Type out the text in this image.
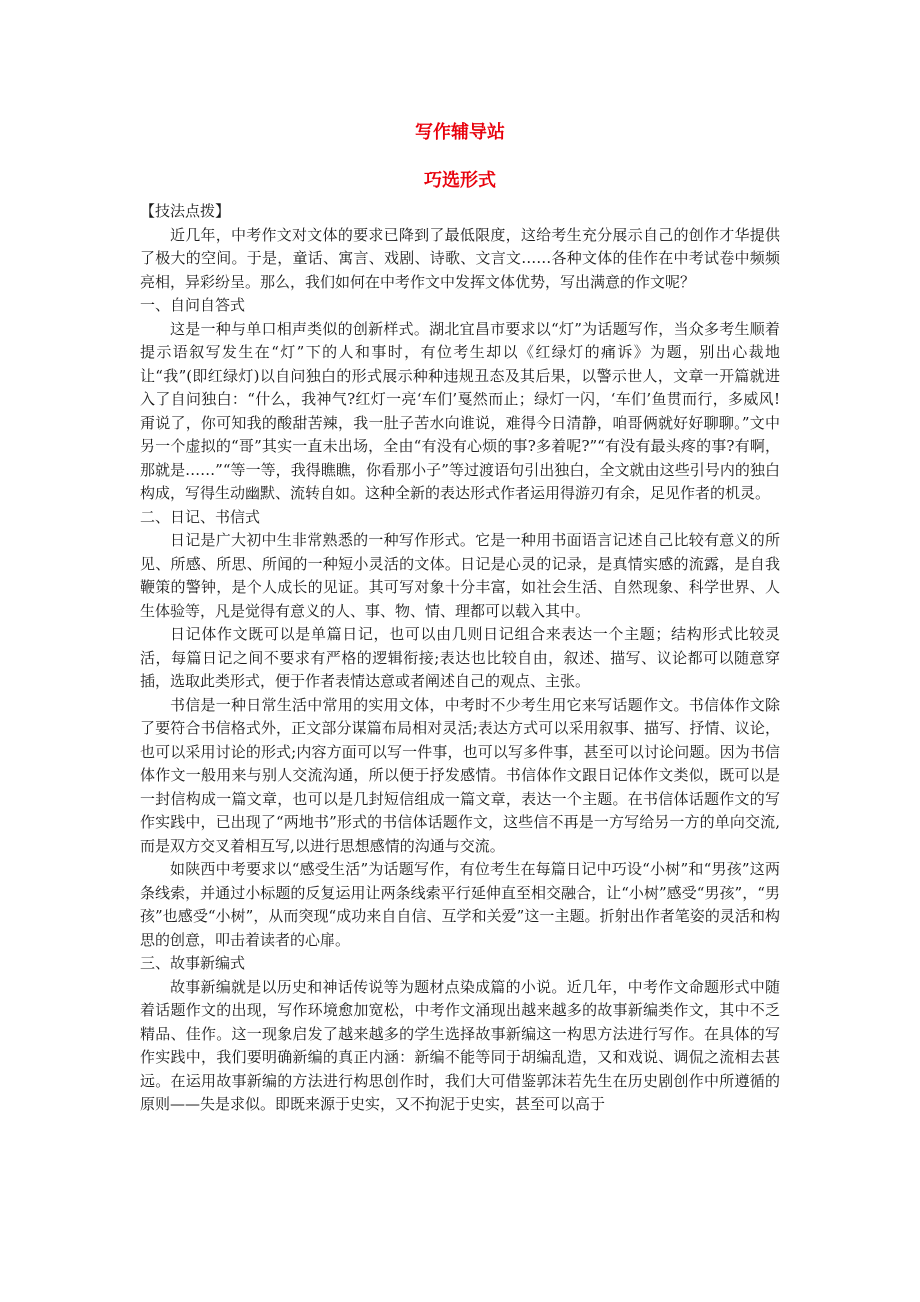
写作辅导站
巧选形式

【技法点拨】

近几年，中考作文对文体的要求已降到了最低限度，这给考生充分展示自己的创作才华提供了极大的空间。于是，童话、寓言、戏剧、诗歌、文言文……各种文体的佳作在中考试卷中频频亮相，异彩纷呈。那么，我们如何在中考作文中发挥文体优势，写出满意的作文呢？

一、自问自答式

这是一种与单口相声类似的创新样式。湖北宜昌市要求以“灯”为话题写作，当众多考生顺着提示语叙写发生在“灯”下的人和事时，有位考生却以《红绿灯的痛诉》为题，别出心裁地让“我”(即红绿灯)以自问独白的形式展示种种违规丑态及其后果，以警示世人，文章一开篇就进入了自问独白：“什么，我神气?红灯一亮‘车们’戛然而止；绿灯一闪，‘车们’鱼贯而行，多威风!甭说了，你可知我的酸甜苦辣，我一肚子苦水向谁说，难得今日清静，咱哥俩就好好聊聊。”文中另一个虚拟的“哥”其实一直未出场，全由“有没有心烦的事?多着呢?”“有没有最头疼的事?有啊，那就是……”“等一等，我得瞧瞧，你看那小子”等过渡语句引出独白，全文就由这些引号内的独白构成，写得生动幽默、流转自如。这种全新的表达形式作者运用得游刃有余，足见作者的机灵。

二、日记、书信式

日记是广大初中生非常熟悉的一种写作形式。它是一种用书面语言记述自己比较有意义的所见、所感、所思、所闻的一种短小灵活的文体。日记是心灵的记录，是真情实感的流露，是自我鞭策的警钟，是个人成长的见证。其可写对象十分丰富，如社会生活、自然现象、科学世界、人生体验等，凡是觉得有意义的人、事、物、情、理都可以载入其中。

日记体作文既可以是单篇日记，也可以由几则日记组合来表达一个主题；结构形式比较灵活，每篇日记之间不要求有严格的逻辑衔接;表达也比较自由，叙述、描写、议论都可以随意穿插，选取此类形式，便于作者表情达意或者阐述自己的观点、主张。

书信是一种日常生活中常用的实用文体，中考时不少考生用它来写话题作文。书信体作文除了要符合书信格式外，正文部分谋篇布局相对灵活;表达方式可以采用叙事、描写、抒情、议论，也可以采用讨论的形式;内容方面可以写一件事，也可以写多件事，甚至可以讨论问题。因为书信体作文一般用来与别人交流沟通，所以便于抒发感情。书信体作文跟日记体作文类似，既可以是一封信构成一篇文章，也可以是几封短信组成一篇文章，表达一个主题。在书信体话题作文的写作实践中，已出现了“两地书”形式的书信体话题作文，这些信不再是一方写给另一方的单向交流,而是双方交叉着相互写,以进行思想感情的沟通与交流。

如陕西中考要求以“感受生活”为话题写作，有位考生在每篇日记中巧设“小树”和“男孩”这两条线索，并通过小标题的反复运用让两条线索平行延伸直至相交融合，让“小树”感受“男孩”，“男孩”也感受“小树”，从而突现“成功来自自信、互学和关爱”这一主题。折射出作者笔姿的灵活和构思的创意，叩击着读者的心扉。

三、故事新编式

故事新编就是以历史和神话传说等为题材点染成篇的小说。近几年，中考作文命题形式中随着话题作文的出现，写作环境愈加宽松，中考作文涌现出越来越多的故事新编类作文，其中不乏精品、佳作。这一现象启发了越来越多的学生选择故事新编这一构思方法进行写作。在具体的写作实践中，我们要明确新编的真正内涵：新编不能等同于胡编乱造，又和戏说、调侃之流相去甚远。在运用故事新编的方法进行构思创作时，我们大可借鉴郭沫若先生在历史剧创作中所遵循的原则——失是求似。即既来源于史实，又不拘泥于史实，甚至可以高于
